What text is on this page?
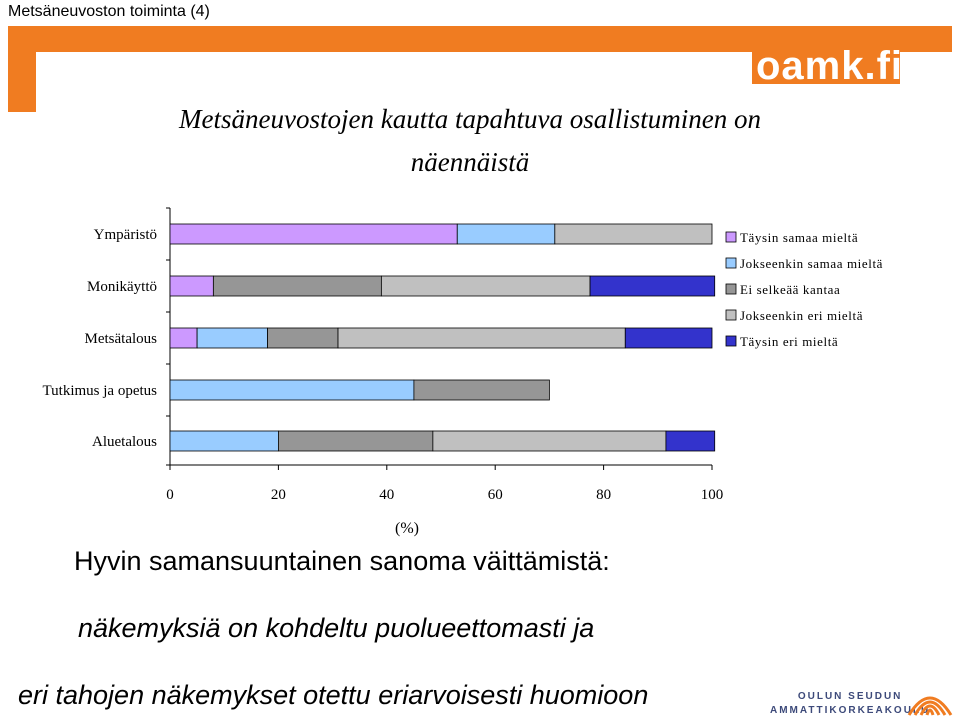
Metsäneuvoston toiminta (4)
oamk.fi
Metsäneuvostojen kautta tapahtuva osallistuminen on
näennäistä
Ympäristö
Monikäyttö
Metsätalous
Tutkimus ja opetus
Aluetalous
0	20	40	60	80	100
Täysin samaa mieltä
Jokseenkin samaa mieltä
Ei selkeää kantaa
Jokseenkin eri mieltä
Täysin eri mieltä
(%)
Hyvin samansuuntainen sanoma väittämistä:
näkemyksiä on kohdeltu puolueettomasti ja
eri tahojen näkemykset otettu eriarvoisesti huomioon	OULUN SEUDUN
AMMATTIKORKEAKOULU
